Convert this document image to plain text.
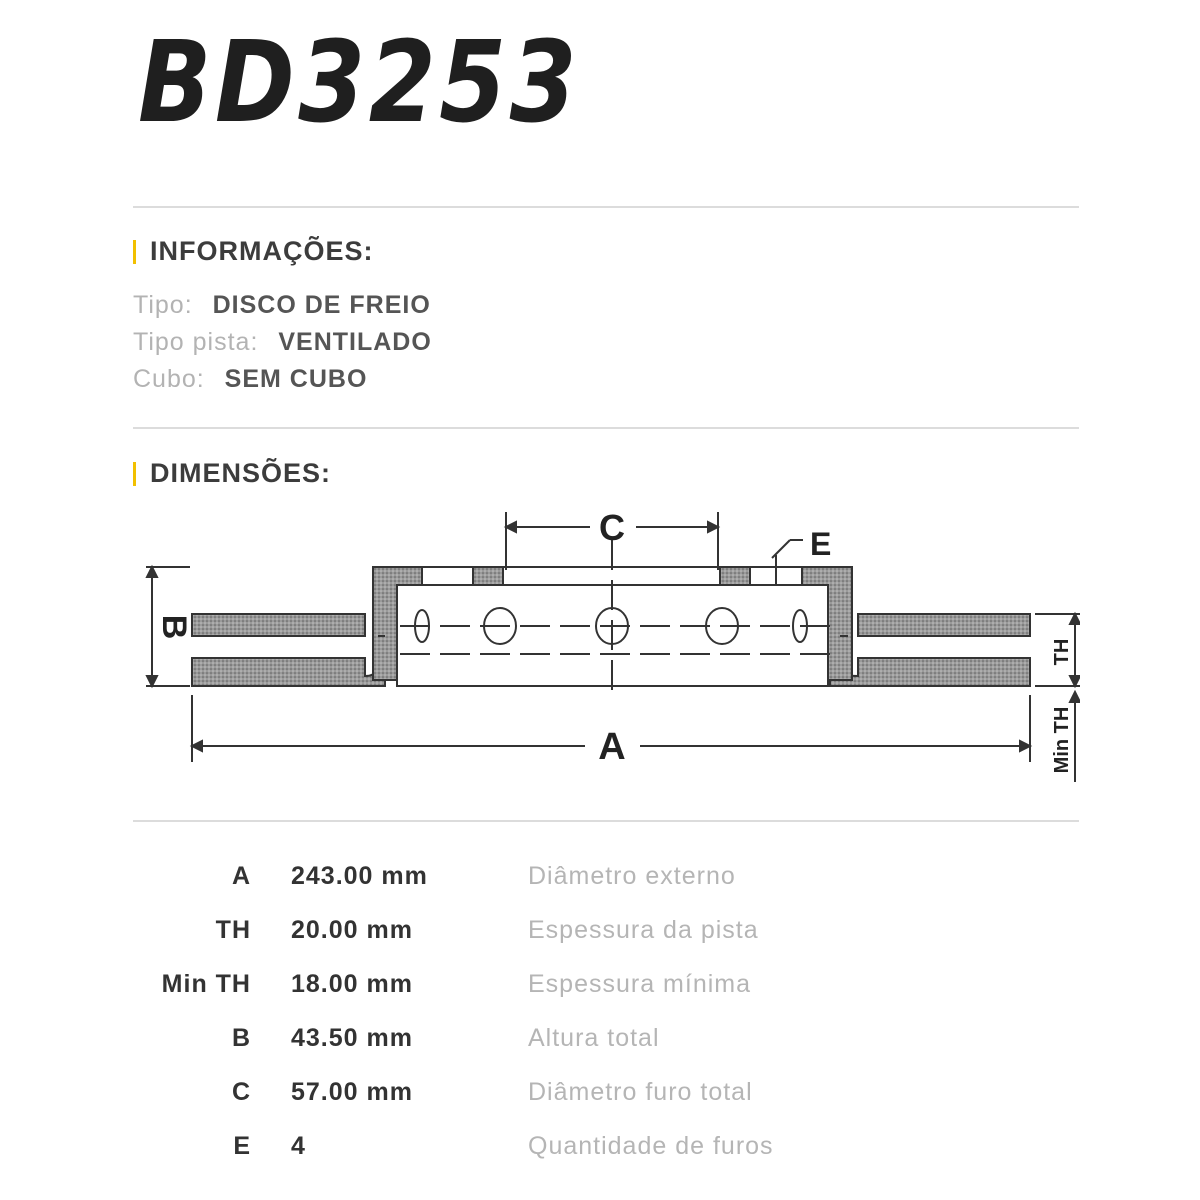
BD3253
INFORMAÇÕES:
Tipo: DISCO DE FREIO
Tipo pista: VENTILADO
Cubo: SEM CUBO
DIMENSÕES:
C	E
A
B
TH
Min TH
A 243.00 mm	Diâmetro externo
TH 20.00 mm	Espessura da pista
Min TH 18.00 mm	Espessura mínima
B 43.50 mm	Altura total
C 57.00 mm	Diâmetro furo total
E 4	Quantidade de furos
